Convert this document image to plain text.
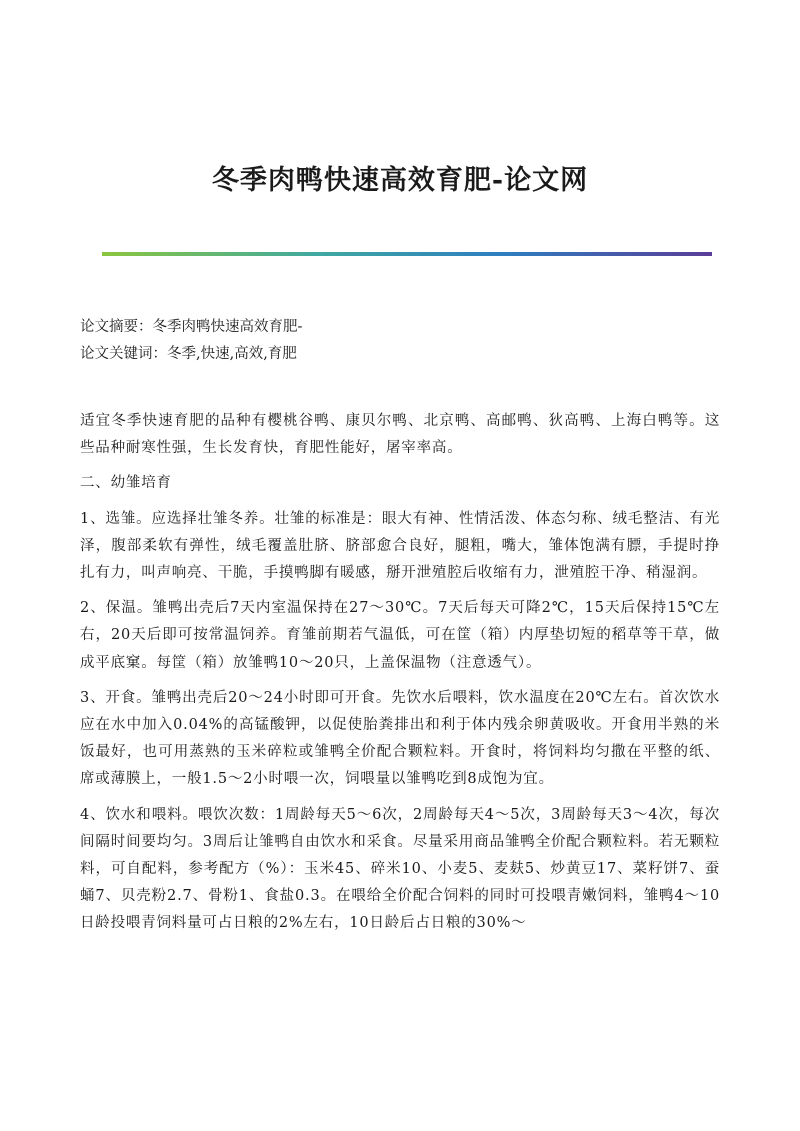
冬季肉鸭快速高效育肥-论文网
论文摘要：冬季肉鸭快速高效育肥-
论文关键词：冬季,快速,高效,育肥

适宜冬季快速育肥的品种有樱桃谷鸭、康贝尔鸭、北京鸭、高邮鸭、狄高鸭、上海白鸭等。这些品种耐寒性强，生长发育快，育肥性能好，屠宰率高。

二、幼雏培育

1、选雏。应选择壮雏冬养。壮雏的标准是：眼大有神、性情活泼、体态匀称、绒毛整洁、有光泽，腹部柔软有弹性，绒毛覆盖肚脐、脐部愈合良好，腿粗，嘴大，雏体饱满有膘，手提时挣扎有力，叫声响亮、干脆，手摸鸭脚有暖感，掰开泄殖腔后收缩有力，泄殖腔干净、稍湿润。

2、保温。雏鸭出壳后7天内室温保持在27～30℃。7天后每天可降2℃，15天后保持15℃左右，20天后即可按常温饲养。育雏前期若气温低，可在筐（箱）内厚垫切短的稻草等干草，做成平底窠。每筐（箱）放雏鸭10～20只，上盖保温物（注意透气）。

3、开食。雏鸭出壳后20～24小时即可开食。先饮水后喂料，饮水温度在20℃左右。首次饮水应在水中加入0.04%的高锰酸钾，以促使胎粪排出和利于体内残余卵黄吸收。开食用半熟的米饭最好，也可用蒸熟的玉米碎粒或雏鸭全价配合颗粒料。开食时，将饲料均匀撒在平整的纸、席或薄膜上，一般1.5～2小时喂一次，饲喂量以雏鸭吃到8成饱为宜。

4、饮水和喂料。喂饮次数：1周龄每天5～6次，2周龄每天4～5次，3周龄每天3～4次，每次间隔时间要均匀。3周后让雏鸭自由饮水和采食。尽量采用商品雏鸭全价配合颗粒料。若无颗粒料，可自配料，参考配方（%）：玉米45、碎米10、小麦5、麦麸5、炒黄豆17、菜籽饼7、蚕蛹7、贝壳粉2.7、骨粉1、食盐0.3。在喂给全价配合饲料的同时可投喂青嫩饲料，雏鸭4～10日龄投喂青饲料量可占日粮的2%左右，10日龄后占日粮的30%～
